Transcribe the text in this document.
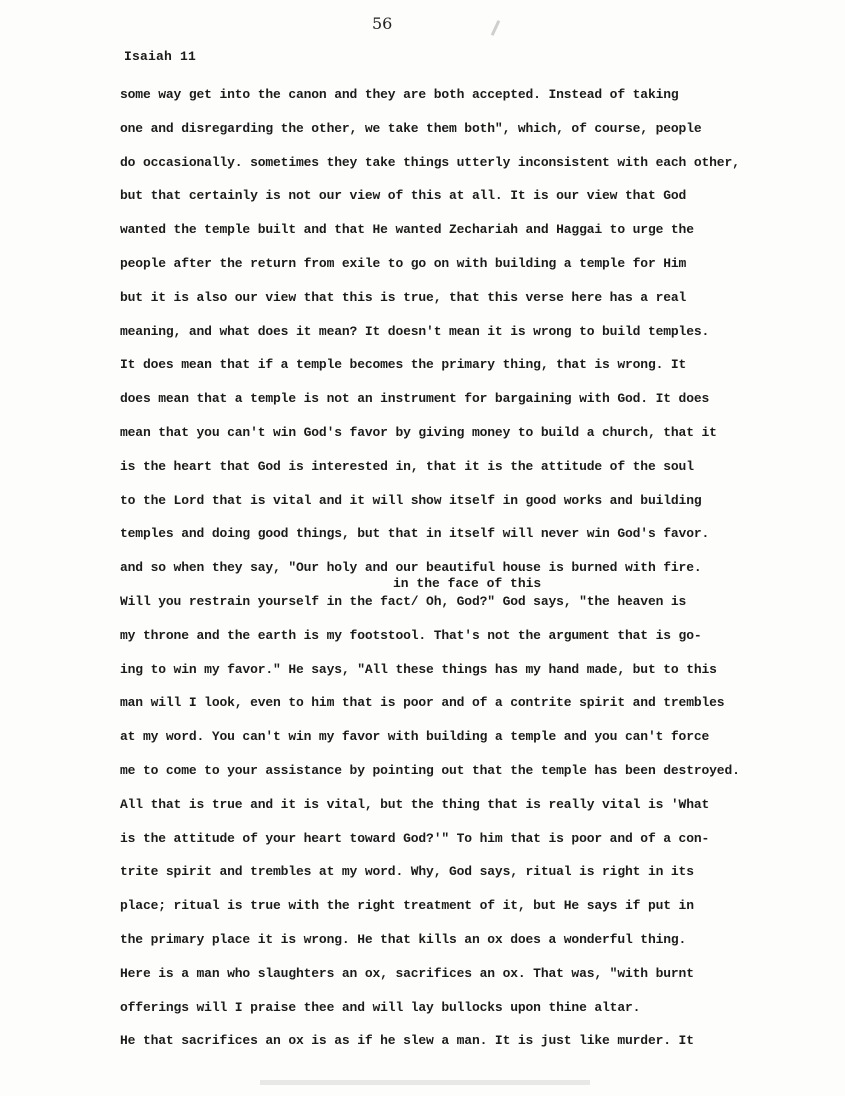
56
Isaiah 11
in the face of this
some way get into the canon and they are both accepted. Instead of taking
one and disregarding the other, we take them both", which, of course, people
do occasionally. sometimes they take things utterly inconsistent with each other,
but that certainly is not our view of this at all. It is our view that God
wanted the temple built and that He wanted Zechariah and Haggai to urge the
people after the return from exile to go on with building a temple for Him
but it is also our view that this is true, that this verse here has a real
meaning, and what does it mean? It doesn't mean it is wrong to build temples.
It does mean that if a temple becomes the primary thing, that is wrong. It
does mean that a temple is not an instrument for bargaining with God. It does
mean that you can't win God's favor by giving money to build a church, that it
is the heart that God is interested in, that it is the attitude of the soul
to the Lord that is vital and it will show itself in good works and building
temples and doing good things, but that in itself will never win God's favor.
and so when they say, "Our holy and our beautiful house is burned with fire.
Will you restrain yourself in the fact/ Oh, God?" God says, "the heaven is
my throne and the earth is my footstool. That's not the argument that is go-
ing to win my favor." He says, "All these things has my hand made, but to this
man will I look, even to him that is poor and of a contrite spirit and trembles
at my word. You can't win my favor with building a temple and you can't force
me to come to your assistance by pointing out that the temple has been destroyed.
All that is true and it is vital, but the thing that is really vital is 'What
is the attitude of your heart toward God?'" To him that is poor and of a con-
trite spirit and trembles at my word. Why, God says, ritual is right in its
place; ritual is true with the right treatment of it, but He says if put in
the primary place it is wrong. He that kills an ox does a wonderful thing.
Here is a man who slaughters an ox, sacrifices an ox. That was, "with burnt
offerings will I praise thee and will lay bullocks upon thine altar.
He that sacrifices an ox is as if he slew a man. It is just like murder. It
